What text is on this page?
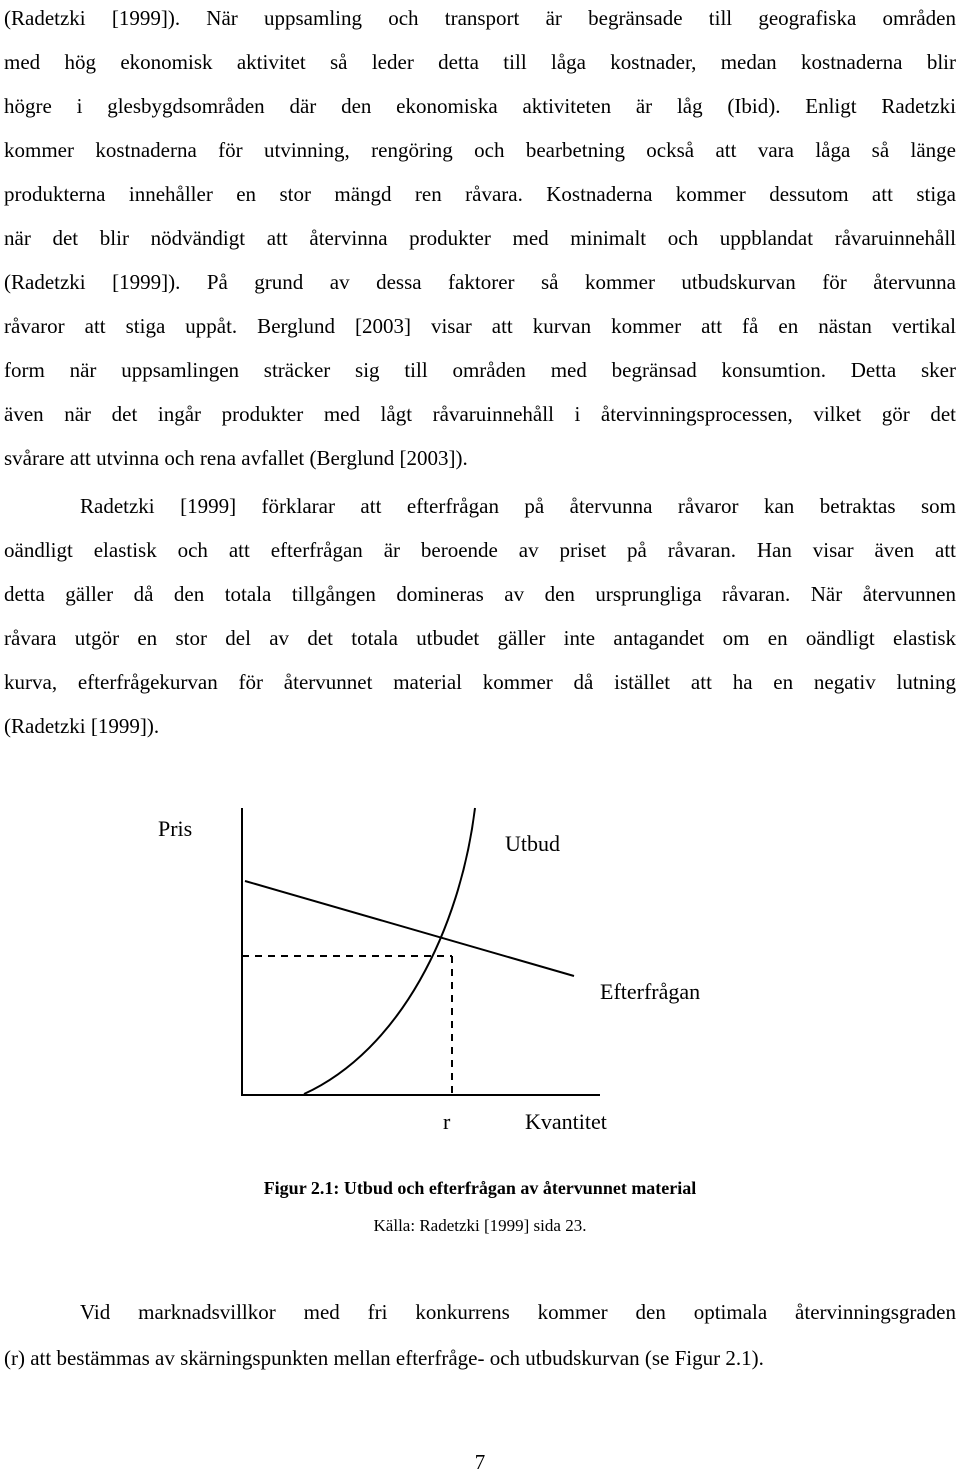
(Radetzki [1999]). När uppsamling och transport är begränsade till geografiska områden
med hög ekonomisk aktivitet så leder detta till låga kostnader, medan kostnaderna blir
högre i glesbygdsområden där den ekonomiska aktiviteten är låg (Ibid). Enligt Radetzki
kommer kostnaderna för utvinning, rengöring och bearbetning också att vara låga så länge
produkterna innehåller en stor mängd ren råvara. Kostnaderna kommer dessutom att stiga
när det blir nödvändigt att återvinna produkter med minimalt och uppblandat råvaruinnehåll
(Radetzki [1999]). På grund av dessa faktorer så kommer utbudskurvan för återvunna
råvaror att stiga uppåt. Berglund [2003] visar att kurvan kommer att få en nästan vertikal
form när uppsamlingen sträcker sig till områden med begränsad konsumtion. Detta sker
även när det ingår produkter med lågt råvaruinnehåll i återvinningsprocessen, vilket gör det
svårare att utvinna och rena avfallet (Berglund [2003]).
Radetzki [1999] förklarar att efterfrågan på återvunna råvaror kan betraktas som
oändligt elastisk och att efterfrågan är beroende av priset på råvaran. Han visar även att
detta gäller då den totala tillgången domineras av den ursprungliga råvaran. När återvunnen
råvara utgör en stor del av det totala utbudet gäller inte antagandet om en oändligt elastisk
kurva, efterfrågekurvan för återvunnet material kommer då istället att ha en negativ lutning
(Radetzki [1999]).
Pris
Utbud
Efterfrågan
r	Kvantitet
Figur 2.1: Utbud och efterfrågan av återvunnet material
Källa: Radetzki [1999] sida 23.
Vid marknadsvillkor med fri konkurrens kommer den optimala återvinningsgraden
(r) att bestämmas av skärningspunkten mellan efterfråge- och utbudskurvan (se Figur 2.1).
7
